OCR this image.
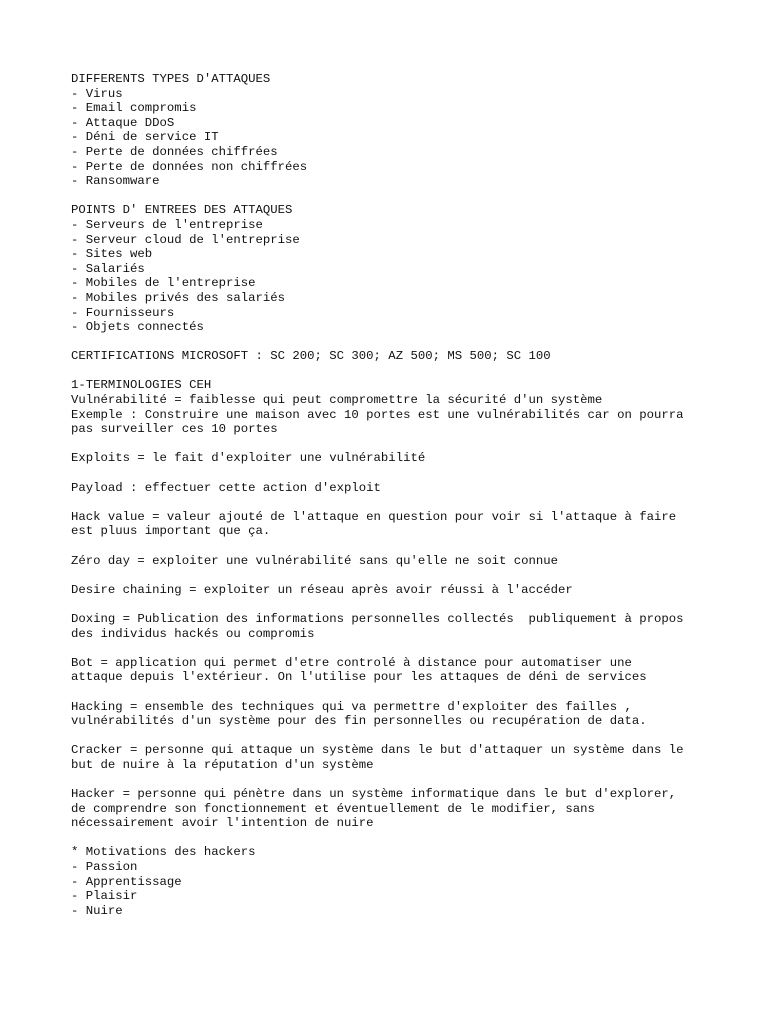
DIFFERENTS TYPES D'ATTAQUES
- Virus
- Email compromis
- Attaque DDoS
- Déni de service IT
- Perte de données chiffrées
- Perte de données non chiffrées
- Ransomware
POINTS D' ENTREES DES ATTAQUES
- Serveurs de l'entreprise
- Serveur cloud de l'entreprise
- Sites web
- Salariés
- Mobiles de l'entreprise
- Mobiles privés des salariés
- Fournisseurs
- Objets connectés
CERTIFICATIONS MICROSOFT : SC 200; SC 300; AZ 500; MS 500; SC 100
1-TERMINOLOGIES CEH
Vulnérabilité = faiblesse qui peut compromettre la sécurité d'un système
Exemple : Construire une maison avec 10 portes est une vulnérabilités car on pourra
pas surveiller ces 10 portes
Exploits = le fait d'exploiter une vulnérabilité
Payload : effectuer cette action d'exploit
Hack value = valeur ajouté de l'attaque en question pour voir si l'attaque à faire
est pluus important que ça.
Zéro day = exploiter une vulnérabilité sans qu'elle ne soit connue
Desire chaining = exploiter un réseau après avoir réussi à l'accéder
Doxing = Publication des informations personnelles collectés  publiquement à propos
des individus hackés ou compromis
Bot = application qui permet d'etre controlé à distance pour automatiser une
attaque depuis l'extérieur. On l'utilise pour les attaques de déni de services
Hacking = ensemble des techniques qui va permettre d'exploiter des failles ,
vulnérabilités d'un système pour des fin personnelles ou recupération de data.
Cracker = personne qui attaque un système dans le but d'attaquer un système dans le
but de nuire à la réputation d'un système
Hacker = personne qui pénètre dans un système informatique dans le but d'explorer,
de comprendre son fonctionnement et éventuellement de le modifier, sans
nécessairement avoir l'intention de nuire
* Motivations des hackers
- Passion
- Apprentissage
- Plaisir
- Nuire
